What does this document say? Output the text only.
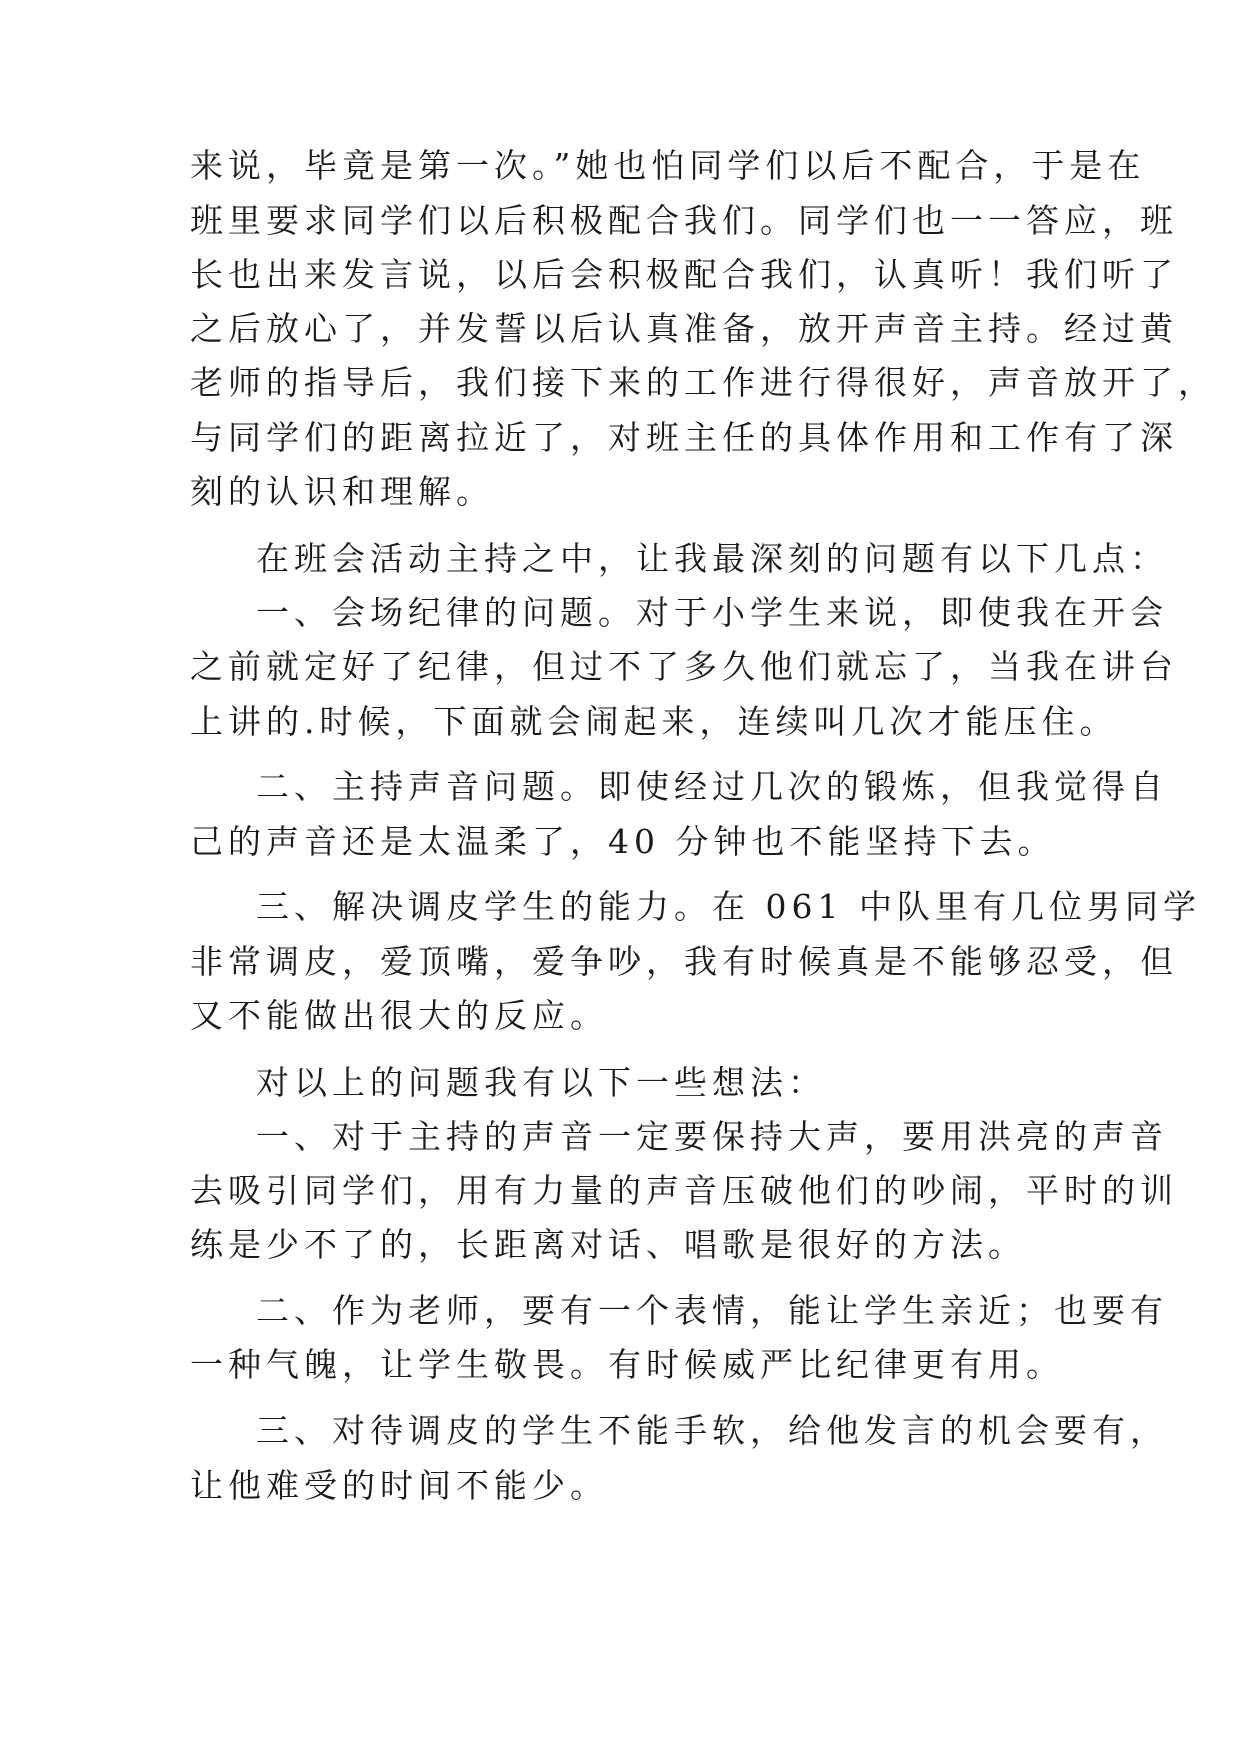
来说，毕竟是第一次。”她也怕同学们以后不配合，于是在
班里要求同学们以后积极配合我们。同学们也一一答应，班
长也出来发言说，以后会积极配合我们，认真听！我们听了
之后放心了，并发誓以后认真准备，放开声音主持。经过黄
老师的指导后，我们接下来的工作进行得很好，声音放开了，
与同学们的距离拉近了，对班主任的具体作用和工作有了深
刻的认识和理解。
在班会活动主持之中，让我最深刻的问题有以下几点：
一、会场纪律的问题。对于小学生来说，即使我在开会
之前就定好了纪律，但过不了多久他们就忘了，当我在讲台
上讲的.时候，下面就会闹起来，连续叫几次才能压住。
二、主持声音问题。即使经过几次的锻炼，但我觉得自
己的声音还是太温柔了，40 分钟也不能坚持下去。
三、解决调皮学生的能力。在 061 中队里有几位男同学
非常调皮，爱顶嘴，爱争吵，我有时候真是不能够忍受，但
又不能做出很大的反应。
对以上的问题我有以下一些想法：
一、对于主持的声音一定要保持大声，要用洪亮的声音
去吸引同学们，用有力量的声音压破他们的吵闹，平时的训
练是少不了的，长距离对话、唱歌是很好的方法。
二、作为老师，要有一个表情，能让学生亲近；也要有
一种气魄，让学生敬畏。有时候威严比纪律更有用。
三、对待调皮的学生不能手软，给他发言的机会要有，
让他难受的时间不能少。
